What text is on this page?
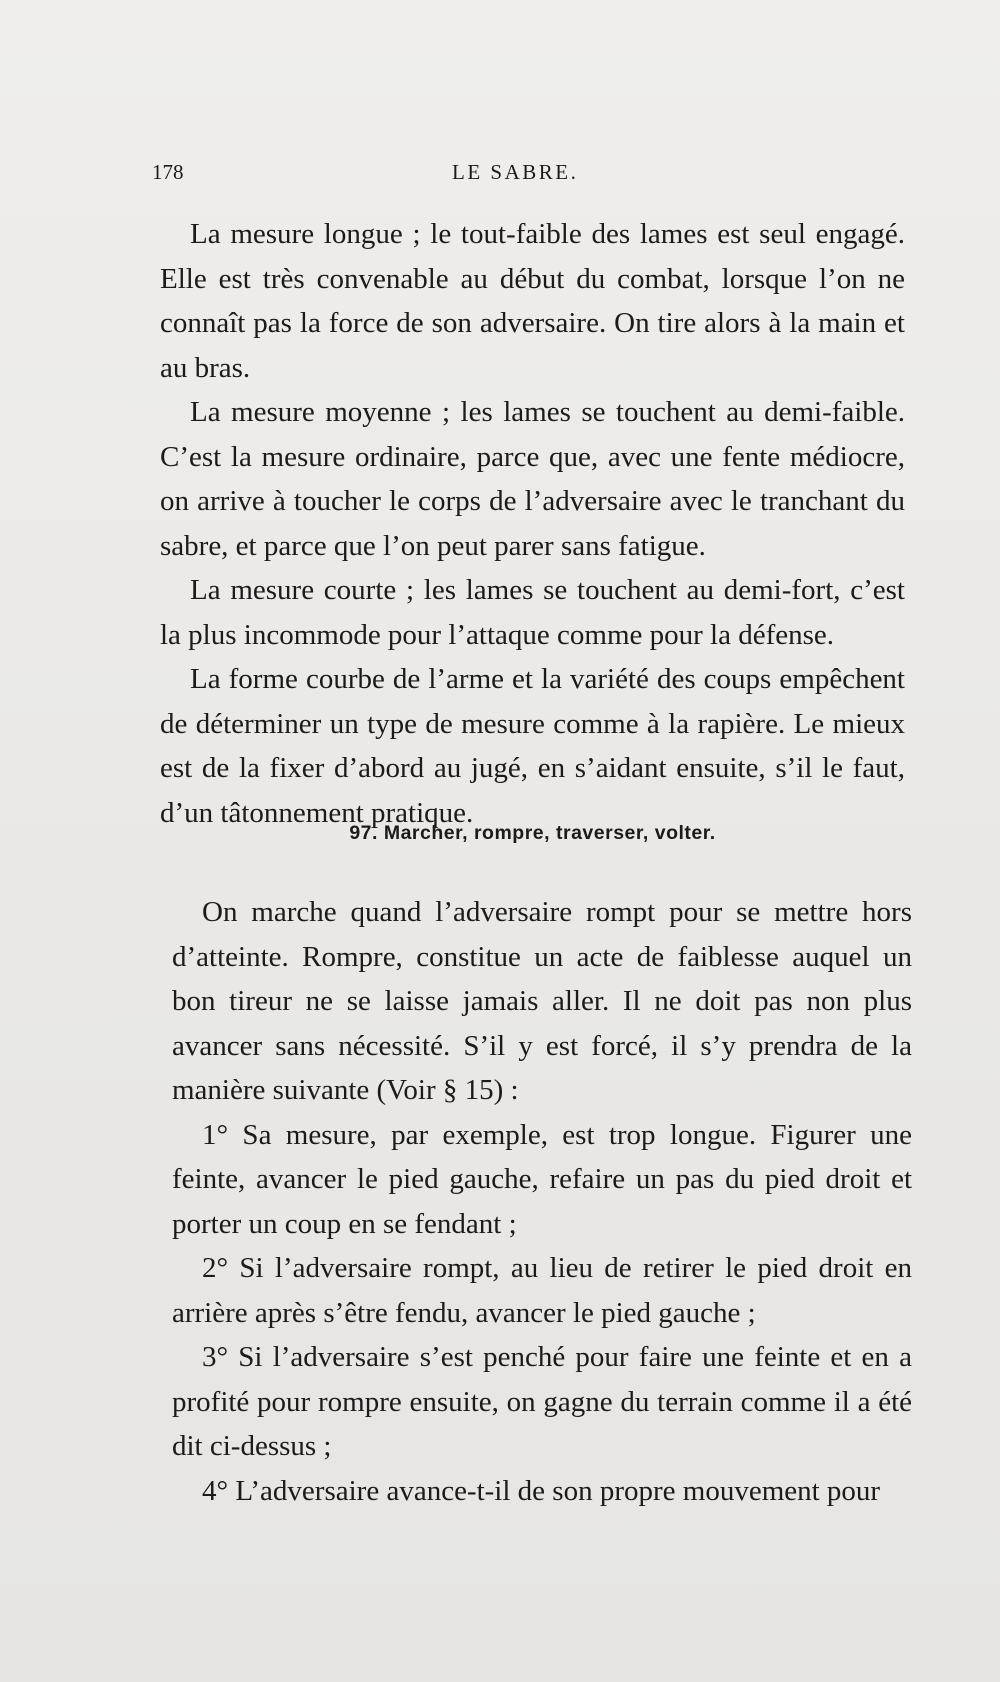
178	LE SABRE.

La mesure longue ; le tout-faible des lames est seul engagé. Elle est très convenable au début du combat, lorsque l’on ne connaît pas la force de son adversaire. On tire alors à la main et au bras.

La mesure moyenne ; les lames se touchent au demi-faible. C’est la mesure ordinaire, parce que, avec une fente médiocre, on arrive à toucher le corps de l’adversaire avec le tranchant du sabre, et parce que l’on peut parer sans fatigue.

La mesure courte ; les lames se touchent au demi-fort, c’est la plus incommode pour l’attaque comme pour la défense.

La forme courbe de l’arme et la variété des coups empêchent de déterminer un type de mesure comme à la rapière. Le mieux est de la fixer d’abord au jugé, en s’aidant ensuite, s’il le faut, d’un tâtonnement pratique.

97. Marcher, rompre, traverser, volter.

On marche quand l’adversaire rompt pour se mettre hors d’atteinte. Rompre, constitue un acte de faiblesse auquel un bon tireur ne se laisse jamais aller. Il ne doit pas non plus avancer sans nécessité. S’il y est forcé, il s’y prendra de la manière suivante (Voir § 15) :

1° Sa mesure, par exemple, est trop longue. Figurer une feinte, avancer le pied gauche, refaire un pas du pied droit et porter un coup en se fendant ;

2° Si l’adversaire rompt, au lieu de retirer le pied droit en arrière après s’être fendu, avancer le pied gauche ;

3° Si l’adversaire s’est penché pour faire une feinte et en a profité pour rompre ensuite, on gagne du terrain comme il a été dit ci-dessus ;

4° L’adversaire avance-t-il de son propre mouvement pour
